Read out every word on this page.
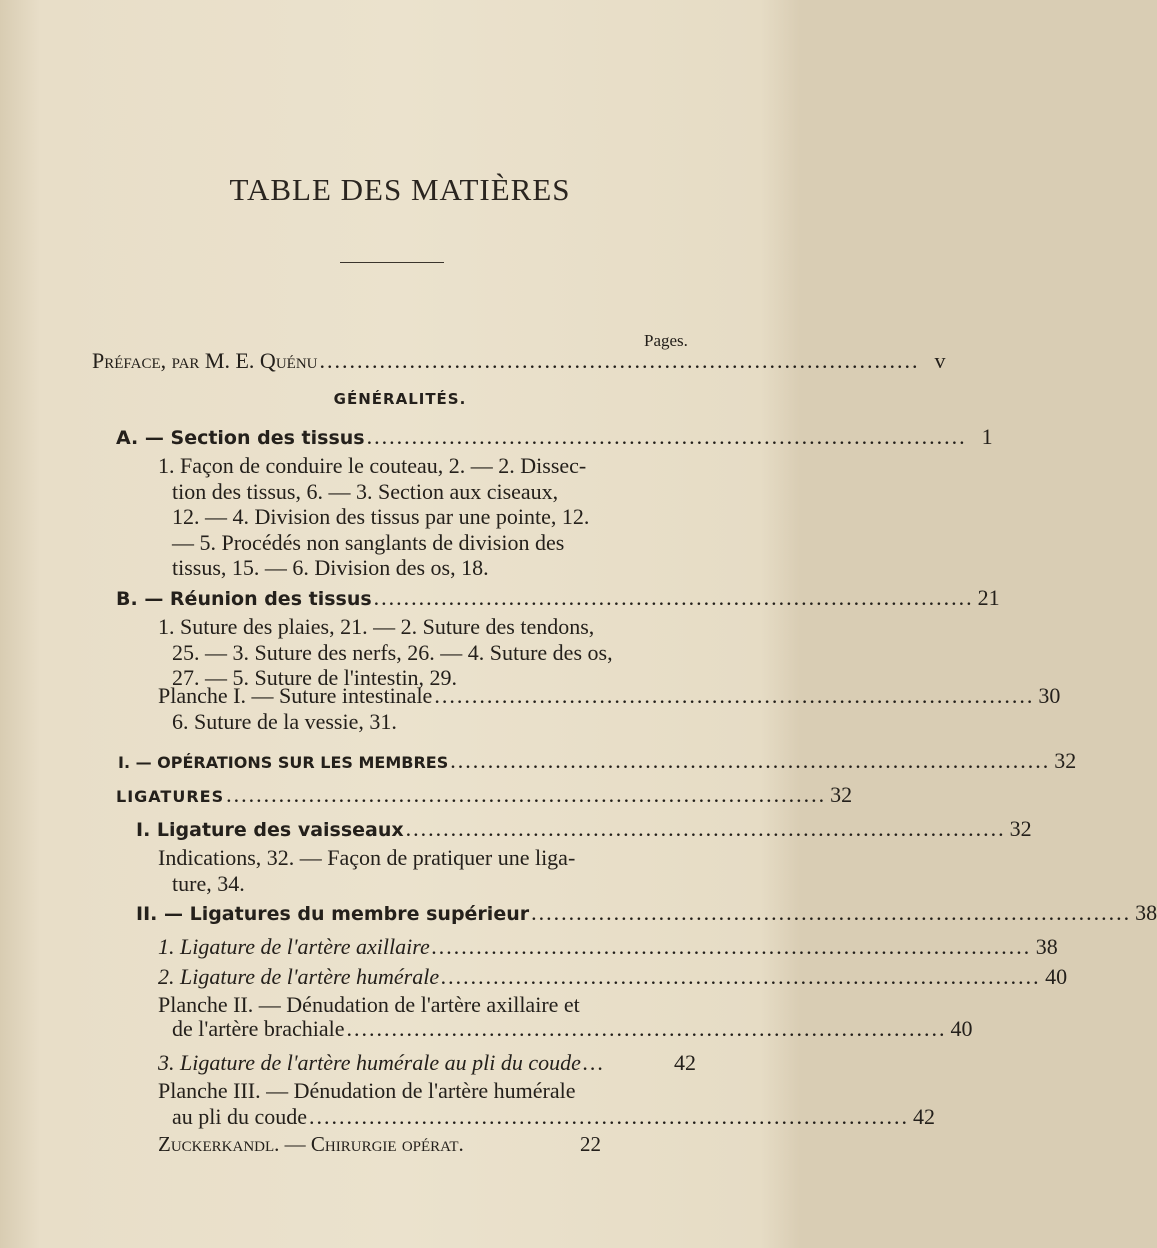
TABLE DES MATIÈRES
Pages.
Préface, par M. E. Quénu ................................................................................ v
GÉNÉRALITÉS.
A. — Section des tissus ................................................................................ 1
1. Façon de conduire le couteau, 2. — 2. Dissec-
tion des tissus, 6. — 3. Section aux ciseaux,
12. — 4. Division des tissus par une pointe, 12.
— 5. Procédés non sanglants de division des
tissus, 15. — 6. Division des os, 18.
B. — Réunion des tissus ................................................................................ 21
1. Suture des plaies, 21. — 2. Suture des tendons,
25. — 3. Suture des nerfs, 26. — 4. Suture des os,
27. — 5. Suture de l'intestin, 29.
Planche I. — Suture intestinale ................................................................................ 30
6. Suture de la vessie, 31.
I. — OPÉRATIONS SUR LES MEMBRES ................................................................................ 32
LIGATURES ................................................................................ 32
I. Ligature des vaisseaux ................................................................................ 32
Indications, 32. — Façon de pratiquer une liga-
ture, 34.
II. — Ligatures du membre supérieur ................................................................................ 38
1. Ligature de l'artère axillaire ................................................................................ 38
2. Ligature de l'artère humérale ................................................................................ 40
Planche II. — Dénudation de l'artère axillaire et
de l'artère brachiale ................................................................................ 40
3. Ligature de l'artère humérale au pli du coude ...	42
Planche III. — Dénudation de l'artère humérale
au pli du coude ................................................................................ 42
Zuckerkandl. — Chirurgie opérat.	22
